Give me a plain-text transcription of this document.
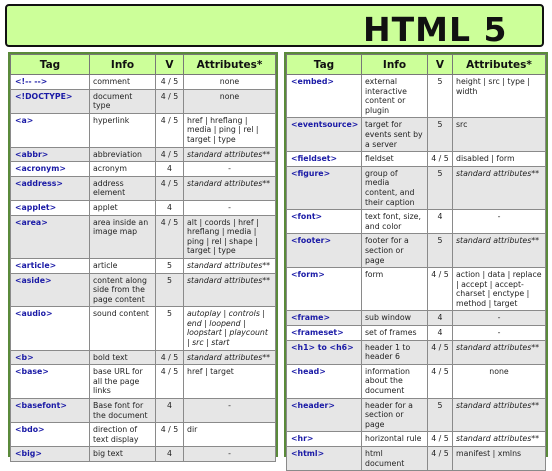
HTML 5
Tag	Info	V	Attributes*
<!-- -->	comment	4 / 5	none
<!DOCTYPE>	document type	4 / 5	none
<a>	hyperlink	4 / 5	href | hreflang | media | ping | rel | target | type
<abbr>	abbreviation	4 / 5	standard attributes**
<acronym>	acronym	4	-
<address>	address element	4 / 5	standard attributes**
<applet>	applet	4	-
<area>	area inside an image map	4 / 5	alt | coords | href | hreflang | media | ping | rel | shape | target | type
<article>	article	5	standard attributes**
<aside>	content along side from the page content	5	standard attributes**
<audio>	sound content	5	autoplay | controls | end | loopend | loopstart | playcount | src | start
<b>	bold text	4 / 5	standard attributes**
<base>	base URL for all the page links	4 / 5	href | target
<basefont>	Base font for the document	4	-
<bdo>	direction of text display	4 / 5	dir
<big>	big text	4	-
Tag	Info	V	Attributes*
<embed>	external interactive content or plugin	5	height | src | type | width
<eventsource>	target for events sent by a server	5	src
<fieldset>	fieldset	4 / 5	disabled | form
<figure>	group of media content, and their caption	5	standard attributes**
<font>	text font, size, and color	4	-
<footer>	footer for a section or page	5	standard attributes**
<form>	form	4 / 5	action | data | replace | accept | accept-charset | enctype | method | target
<frame>	sub window	4	-
<frameset>	set of frames	4	-
<h1> to <h6>	header 1 to header 6	4 / 5	standard attributes**
<head>	information about the document	4 / 5	none
<header>	header for a section or page	5	standard attributes**
<hr>	horizontal rule	4 / 5	standard attributes**
<html>	html document	4 / 5	manifest | xmlns
